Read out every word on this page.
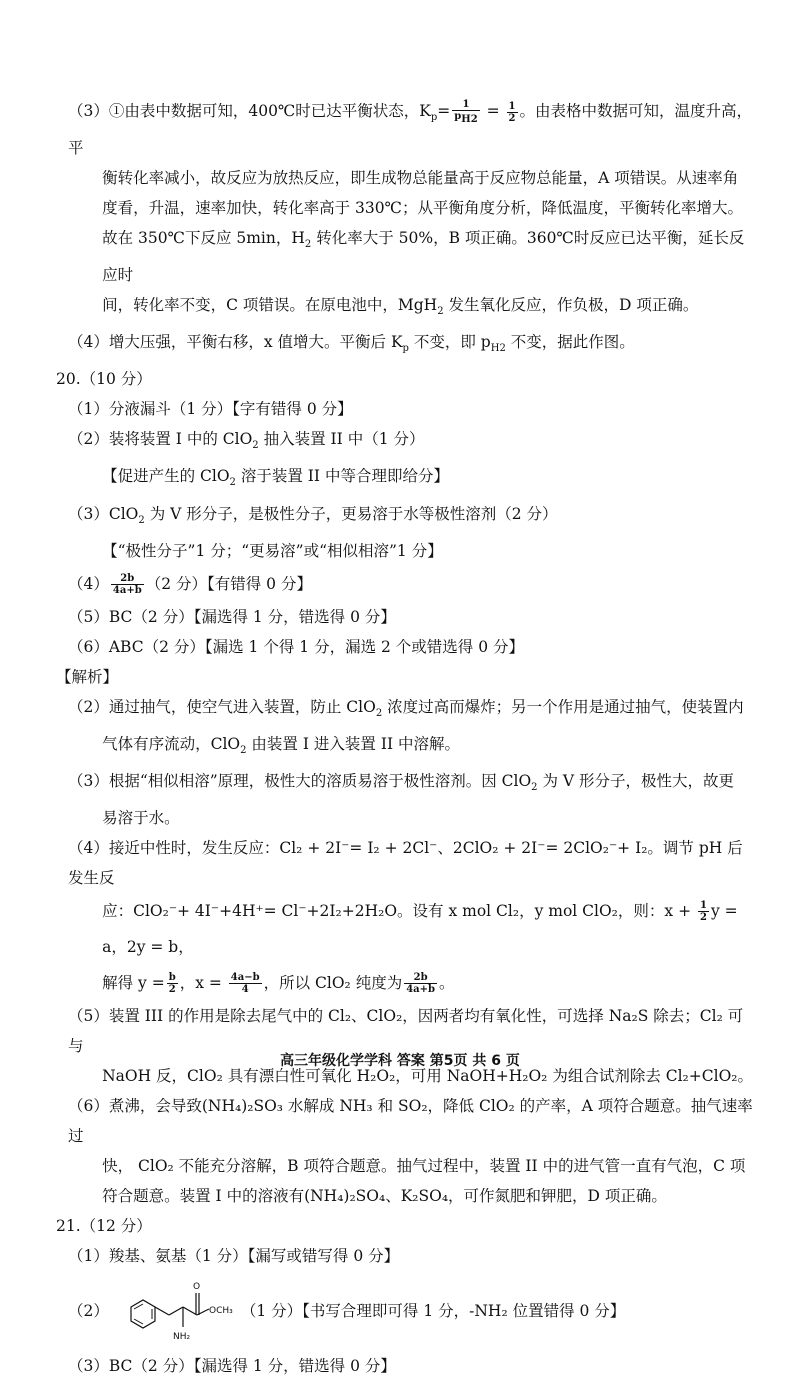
（3）①由表中数据可知，400℃时已达平衡状态，$K_p= \frac{1}{p_{H2}} = \frac{1}{2}$ 。由表格中数据可知，温度升高，平

衡转化率减小，故反应为放热反应，即生成物总能量高于反应物总能量，A 项错误。从速率角

度看，升温，速率加快，转化率高于 330℃；从平衡角度分析，降低温度，平衡转化率增大。

故在 350℃下反应 5min，$H_2$ 转化率大于 50%，B 项正确。360℃时反应已达平衡，延长反应时

间，转化率不变，C 项错误。在原电池中，MgH$_2$ 发生氧化反应，作负极，D 项正确。

（4）增大压强，平衡右移，x 值增大。平衡后 $K_p$ 不变，即 $p_{H2}$ 不变，据此作图。

20.（10 分）

（1）分液漏斗（1 分）【字有错得 0 分】

（2）装将装置 I 中的 ClO$_2$ 抽入装置 II 中（1 分）

【促进产生的 ClO$_2$ 溶于装置 II 中等合理即给分】

（3）ClO$_2$ 为 V 形分子，是极性分子，更易溶于水等极性溶剂（2 分）

【“极性分子”1 分；“更易溶”或“相似相溶”1 分】

$(4) \frac{2b}{4a+b} (2$ 分）【有错得 0 分】

（5）BC（2 分）【漏选得 1 分，错选得 0 分】

（6）ABC（2 分）【漏选 1 个得 1 分，漏选 2 个或错选得 0 分】

【解析】

（2）通过抽气，使空气进入装置，防止 ClO$_2$ 浓度过高而爆炸；另一个作用是通过抽气，使装置内

气体有序流动，ClO$_2$ 由装置 I 进入装置 II 中溶解。

（3）根据“相似相溶”原理，极性大的溶质易溶于极性溶剂。因 ClO$_2$ 为 V 形分子，极性大，故更

易溶于水。

（4）接近中性时，发生反应：Cl₂ + 2I⁻= I₂ + 2Cl⁻、2ClO₂ + 2I⁻= 2ClO₂⁻+ I₂。调节 pH 后发生反

应：ClO₂⁻+ 4I⁻+4H⁺= Cl⁻+2I₂+2H₂O。设有 x mol Cl₂，y mol ClO₂，则：$x + \frac{1}{2}$ y = a，2y = b，

解得 $y = \frac{b}{2}$ ，$x = \frac{4a-b}{4}$ ，所以 ClO₂ 纯度为 $\frac{2b}{4a+b}$ 。

（5）装置 III 的作用是除去尾气中的 Cl₂、ClO₂，因两者均有氧化性，可选择 Na₂S 除去；Cl₂ 可与

NaOH 反，ClO₂ 具有漂白性可氧化 H₂O₂，可用 NaOH+H₂O₂ 为组合试剂除去 Cl₂+ClO₂。

（6）煮沸，会导致(NH₄)₂SO₃ 水解成 NH₃ 和 SO₂，降低 ClO₂ 的产率，A 项符合题意。抽气速率过

快， ClO₂ 不能充分溶解，B 项符合题意。抽气过程中，装置 II 中的进气管一直有气泡，C 项

符合题意。装置 I 中的溶液有(NH₄)₂SO₄、K₂SO₄，可作氮肥和钾肥，D 项正确。

21.（12 分）

（1）羧基、氨基（1 分）【漏写或错写得 0 分】

（2）
O
OCH₃
NH₂
（1 分）【书写合理即可得 1 分，-NH₂ 位置错得 0 分】

（3）BC（2 分）【漏选得 1 分，错选得 0 分】

高三年级化学学科 答案 第5页 共 6 页
